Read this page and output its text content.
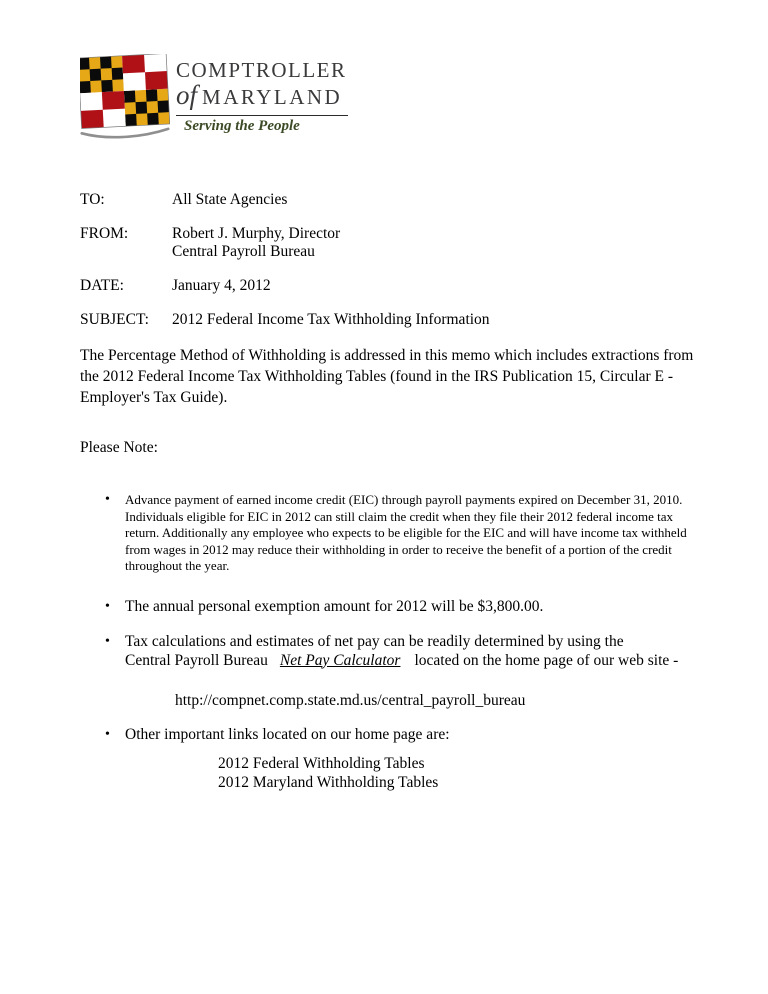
COMPTROLLER
of MARYLAND
Serving the People
TO:	All State Agencies
FROM:	Robert J. Murphy, Director
Central Payroll Bureau
DATE:	January 4, 2012
SUBJECT:	2012 Federal Income Tax Withholding Information
The Percentage Method of Withholding is addressed in this memo which includes extractions from the 2012 Federal Income Tax Withholding Tables (found in the IRS Publication 15, Circular E - Employer's Tax Guide).
Please Note:
•	Advance payment of earned income credit (EIC) through payroll payments expired on December 31, 2010. Individuals eligible for EIC in 2012 can still claim the credit when they file their 2012 federal income tax return. Additionally any employee who expects to be eligible for the EIC and will have income tax withheld from wages in 2012 may reduce their withholding in order to receive the benefit of a portion of the credit throughout the year.
• The annual personal exemption amount for 2012 will be $3,800.00.
• Tax calculations and estimates of net pay can be readily determined by using the
Central Payroll Bureau Net Pay Calculator located on the home page of our web site -
http://compnet.comp.state.md.us/central_payroll_bureau
• Other important links located on our home page are:
2012 Federal Withholding Tables
2012 Maryland Withholding Tables
